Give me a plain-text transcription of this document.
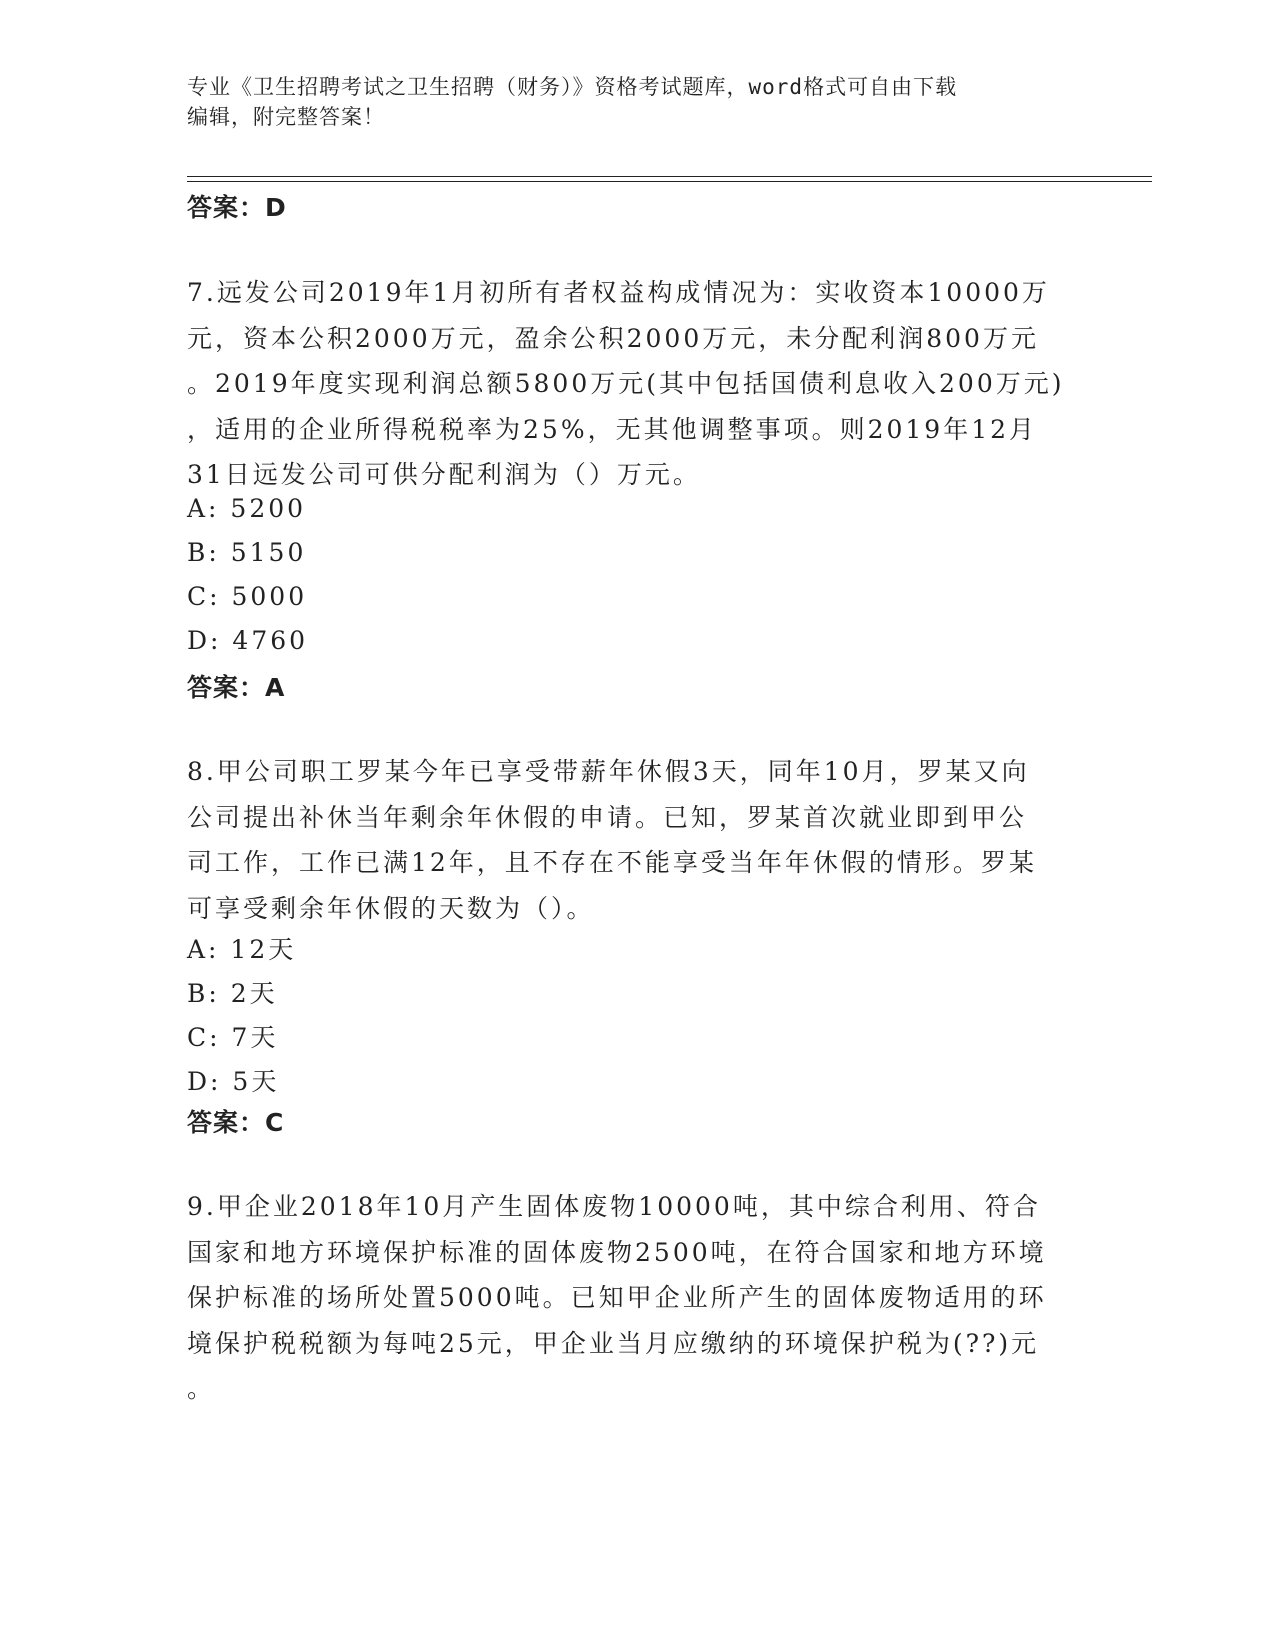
专业《卫生招聘考试之卫生招聘（财务）》资格考试题库，word格式可自由下载
编辑，附完整答案！
答案：D

7.远发公司2019年1月初所有者权益构成情况为：实收资本10000万

元，资本公积2000万元，盈余公积2000万元，未分配利润800万元

。2019年度实现利润总额5800万元(其中包括国债利息收入200万元)

，适用的企业所得税税率为25%，无其他调整事项。则2019年12月

31日远发公司可供分配利润为（）万元。

A: 5200
B: 5150
C: 5000
D: 4760
答案：A

8.甲公司职工罗某今年已享受带薪年休假3天，同年10月，罗某又向

公司提出补休当年剩余年休假的申请。已知，罗某首次就业即到甲公

司工作，工作已满12年，且不存在不能享受当年年休假的情形。罗某

可享受剩余年休假的天数为（）。

A: 12天
B: 2天
C: 7天
D: 5天
答案：C

9.甲企业2018年10月产生固体废物10000吨，其中综合利用、符合

国家和地方环境保护标准的固体废物2500吨，在符合国家和地方环境

保护标准的场所处置5000吨。已知甲企业所产生的固体废物适用的环

境保护税税额为每吨25元，甲企业当月应缴纳的环境保护税为(??)元

。
